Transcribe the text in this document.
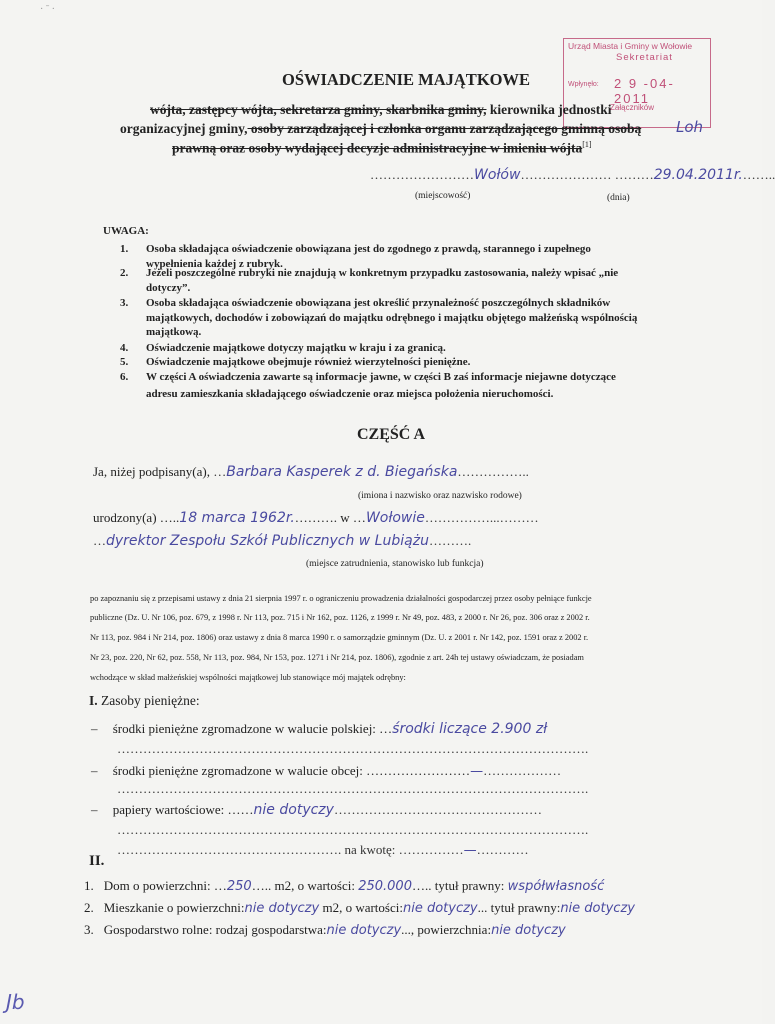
· ˉ ·
Urząd Miasta i Gminy w Wołowie
Sekretariat
Wpłynęło: 2 9 -04- 2011
Załączników
OŚWIADCZENIE MAJĄTKOWE
wójta, zastępcy wójta, sekretarza gminy, skarbnika gminy, kierownika jednostki
Loh
organizacyjnej gminy, osoby zarządzającej i członka organu zarządzającego gminną osobą
prawną oraz osoby wydającej decyzje administracyjne w imieniu wójta[1]
……………………Wołów………………… ………29.04.2011r.……..
(miejscowość)	(dnia)
UWAGA:
1. Osoba składająca oświadczenie obowiązana jest do zgodnego z prawdą, starannego i zupełnego
wypełnienia każdej z rubryk.
2. Jeżeli poszczególne rubryki nie znajdują w konkretnym przypadku zastosowania, należy wpisać „nie
dotyczy”.
3. Osoba składająca oświadczenie obowiązana jest określić przynależność poszczególnych składników
majątkowych, dochodów i zobowiązań do majątku odrębnego i majątku objętego małżeńską wspólnością
majątkową.
4. Oświadczenie majątkowe dotyczy majątku w kraju i za granicą.
5. Oświadczenie majątkowe obejmuje również wierzytelności pieniężne.
6. W części A oświadczenia zawarte są informacje jawne, w części B zaś informacje niejawne dotyczące
adresu zamieszkania składającego oświadczenie oraz miejsca położenia nieruchomości.
CZĘŚĆ A
Ja, niżej podpisany(a), …Barbara Kasperek z d. Biegańska……………..
(imiona i nazwisko oraz nazwisko rodowe)
urodzony(a) …..18 marca 1962r.………. w …Wołowie……………...………
…dyrektor Zespołu Szkół Publicznych w Lubiążu……….
(miejsce zatrudnienia, stanowisko lub funkcja)
po zapoznaniu się z przepisami ustawy z dnia 21 sierpnia 1997 r. o ograniczeniu prowadzenia działalności gospodarczej przez osoby pełniące funkcje
publiczne (Dz. U. Nr 106, poz. 679, z 1998 r. Nr 113, poz. 715 i Nr 162, poz. 1126, z 1999 r. Nr 49, poz. 483, z 2000 r. Nr 26, poz. 306 oraz z 2002 r.
Nr 113, poz. 984 i Nr 214, poz. 1806) oraz ustawy z dnia 8 marca 1990 r. o samorządzie gminnym (Dz. U. z 2001 r. Nr 142, poz. 1591 oraz z 2002 r.
Nr 23, poz. 220, Nr 62, poz. 558, Nr 113, poz. 984, Nr 153, poz. 1271 i Nr 214, poz. 1806), zgodnie z art. 24h tej ustawy oświadczam, że posiadam
wchodzące w skład małżeńskiej wspólności majątkowej lub stanowiące mój majątek odrębny:
I. Zasoby pieniężne:
– środki pieniężne zgromadzone w walucie polskiej: …środki liczące 2.900 zł
……………………………………………………………………………………………….
– środki pieniężne zgromadzone w walucie obcej: ……………………—………………
……………………………………………………………………………………………….
– papiery wartościowe: ……nie dotyczy…………………………………………
……………………………………………………………………………………………….
……………………………………………. na kwotę: ……………—…………
II.
1. Dom o powierzchni: …250….. m2, o wartości: 250.000….. tytuł prawny: współwłasność
2. Mieszkanie o powierzchni:nie dotyczy m2, o wartości:nie dotyczy... tytuł prawny:nie dotyczy
3. Gospodarstwo rolne: rodzaj gospodarstwa:nie dotyczy..., powierzchnia:nie dotyczy
Jb
